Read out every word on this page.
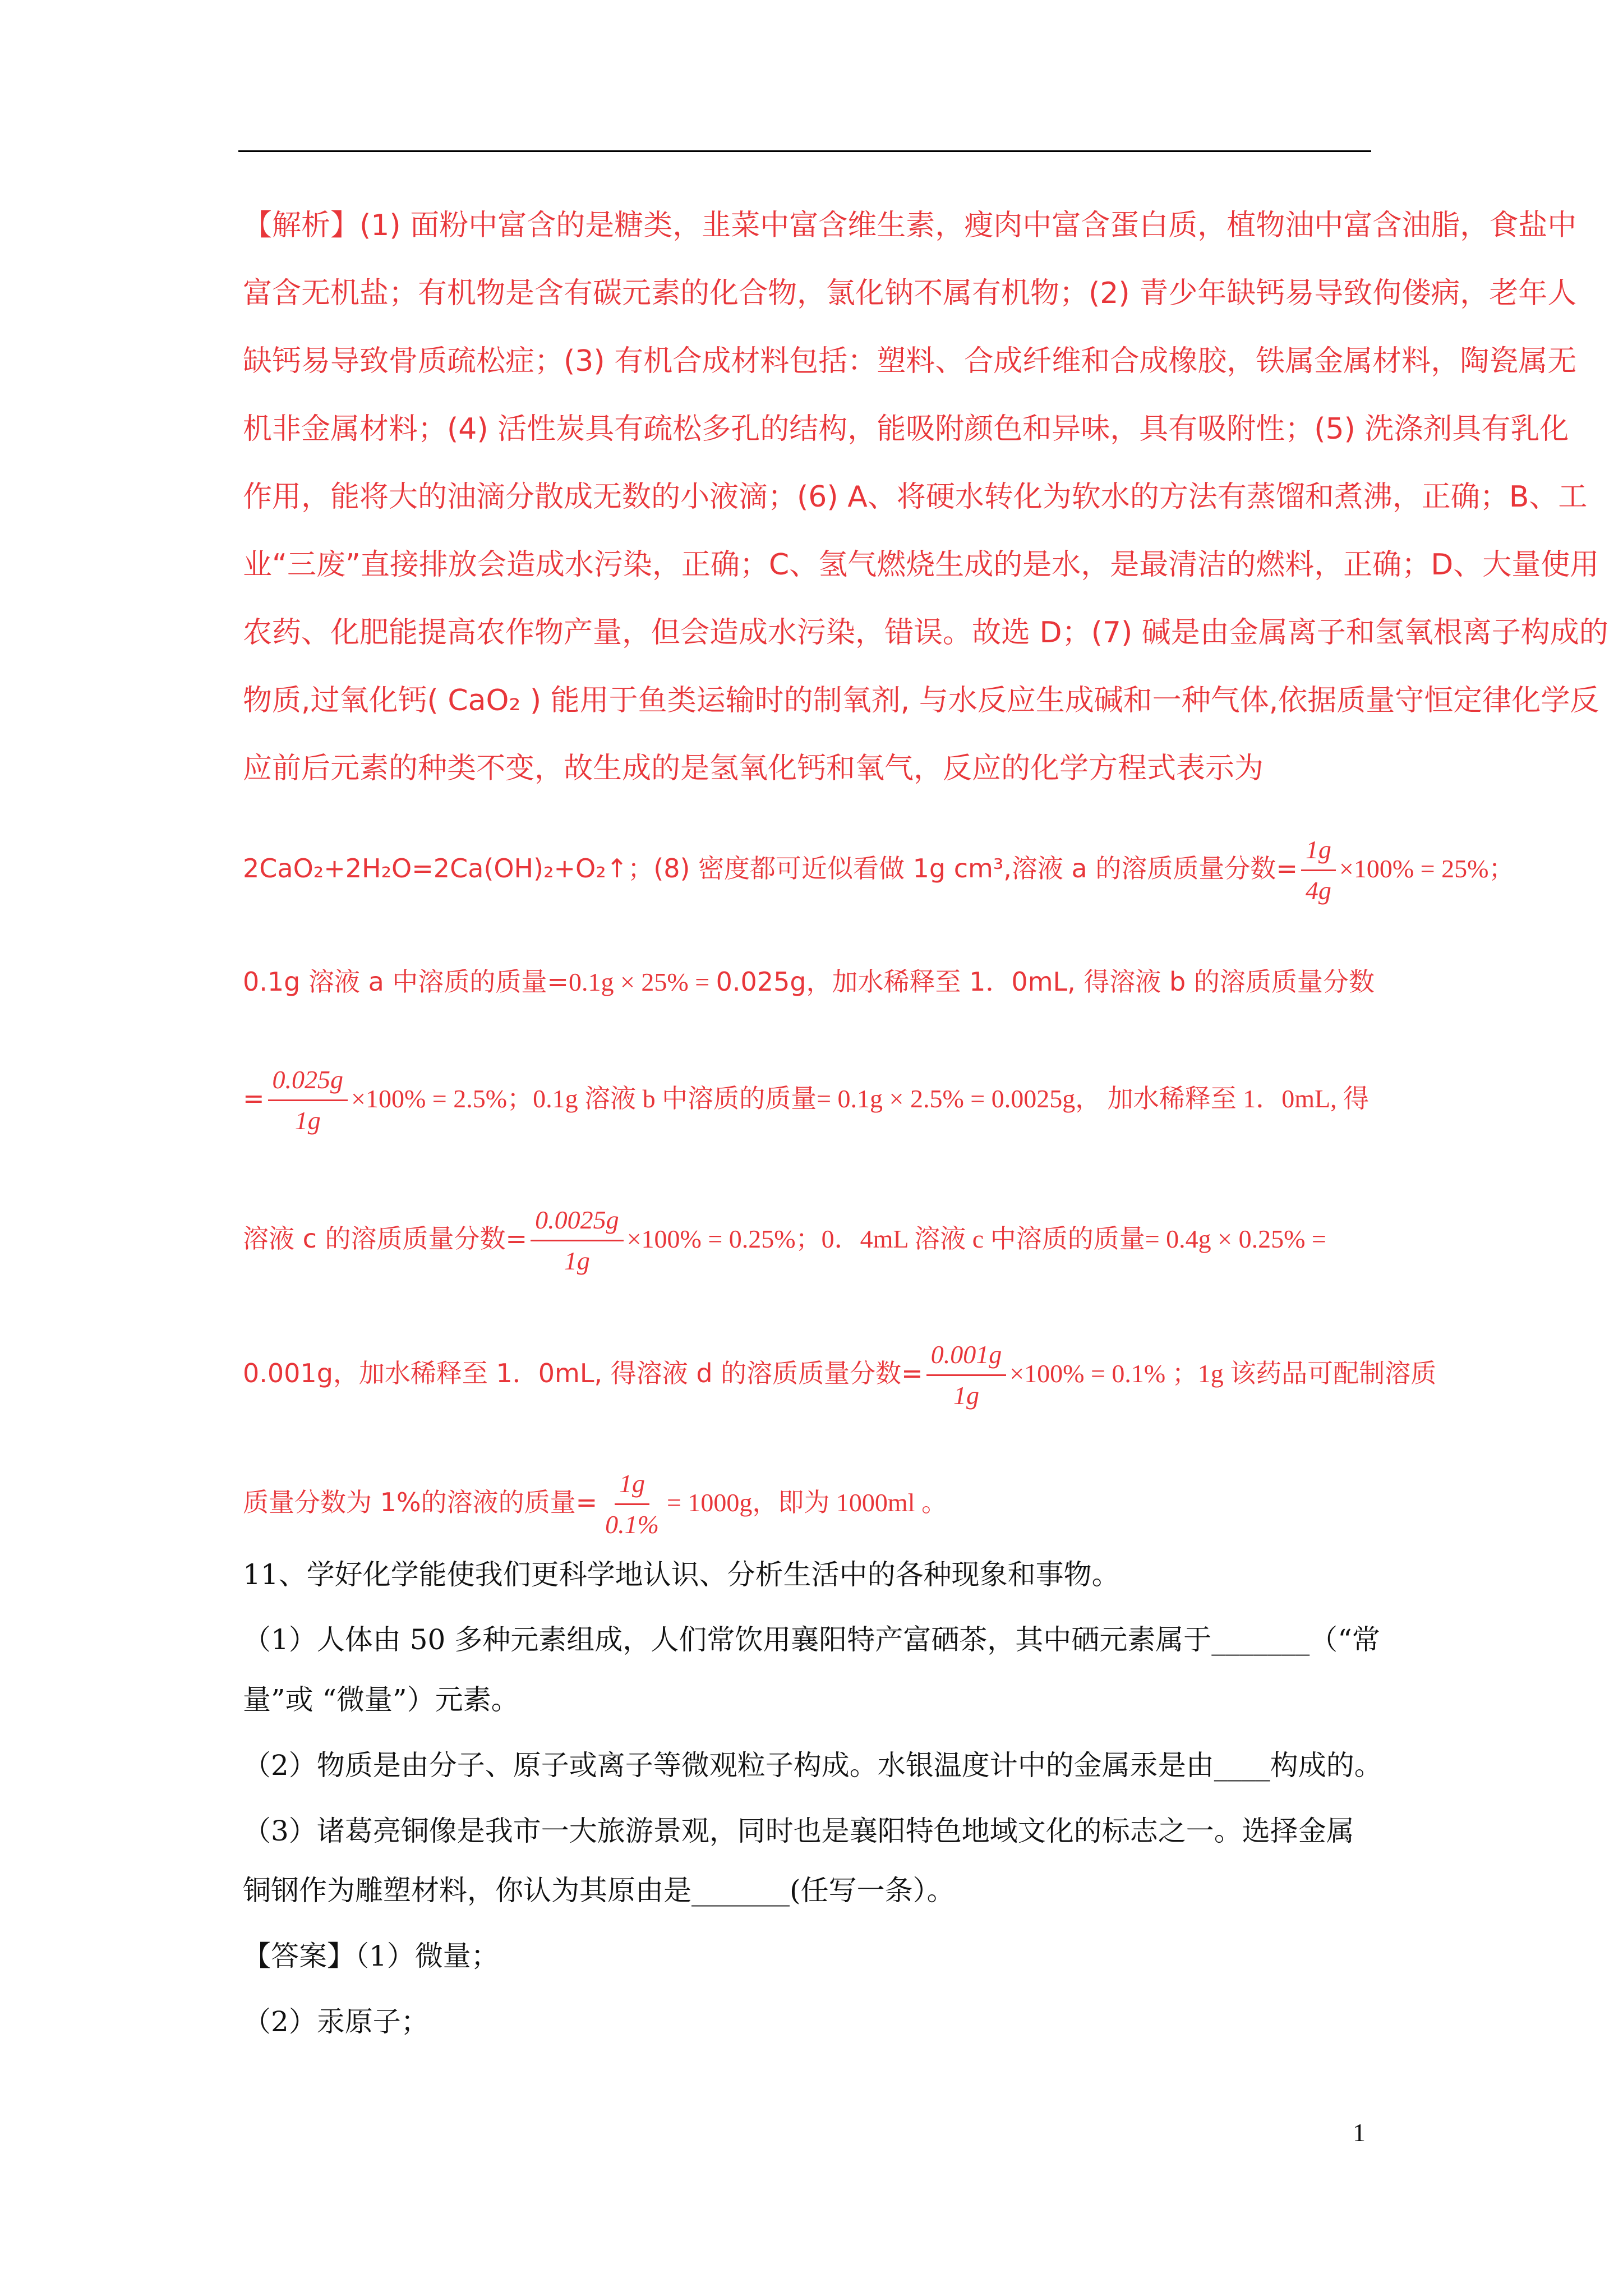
【解析】(1) 面粉中富含的是糖类，韭菜中富含维生素，瘦肉中富含蛋白质，植物油中富含油脂，食盐中
富含无机盐；有机物是含有碳元素的化合物，氯化钠不属有机物；(2) 青少年缺钙易导致佝偻病，老年人
缺钙易导致骨质疏松症；(3) 有机合成材料包括：塑料、合成纤维和合成橡胶，铁属金属材料，陶瓷属无
机非金属材料；(4) 活性炭具有疏松多孔的结构，能吸附颜色和异味，具有吸附性；(5) 洗涤剂具有乳化
作用，能将大的油滴分散成无数的小液滴；(6) A、将硬水转化为软水的方法有蒸馏和煮沸，正确；B、工
业“三废”直接排放会造成水污染，正确；C、氢气燃烧生成的是水，是最清洁的燃料，正确；D、大量使用
农药、化肥能提高农作物产量，但会造成水污染，错误。故选 D；(7) 碱是由金属离子和氢氧根离子构成的
物质,过氧化钙( CaO₂ ) 能用于鱼类运输时的制氧剂, 与水反应生成碱和一种气体,依据质量守恒定律化学反
应前后元素的种类不变，故生成的是氢氧化钙和氧气，反应的化学方程式表示为
2CaO₂+2H₂O=2Ca(OH)₂+O₂↑；(8) 密度都可近似看做 1g cm³,溶液 a 的溶质质量分数= $\frac{1g}{4g} \times 100\% = 25\%$；
0.1g 溶液 a 中溶质的质量=0.1g × 25% = 0.025g，加水稀释至 1．0mL, 得溶液 b 的溶质质量分数
= $\frac{0.025g}{1g} \times 100\% = 2.5\%$；0.1g 溶液 b 中溶质的质量= 0.1g × 2.5% = 0.0025g， 加水稀释至 1．0mL, 得
溶液 c 的溶质质量分数= $\frac{0.0025g}{1g} \times 100\% = 0.25\%$；0．4mL 溶液 c 中溶质的质量= 0.4g × 0.25% =
0.001g，加水稀释至 1．0mL, 得溶液 d 的溶质质量分数= $\frac{0.001g}{1g} \times 100\% = 0.1\%$ ；1g 该药品可配制溶质
质量分数为 1%的溶液的质量= $\frac{1g}{0.1\%} = 1000g$，即为 1000ml 。
11、学好化学能使我们更科学地认识、分析生活中的各种现象和事物。
（1）人体由 50 多种元素组成，人们常饮用襄阳特产富硒茶，其中硒元素属于_______（“常
量”或 “微量”）元素。
（2）物质是由分子、原子或离子等微观粒子构成。水银温度计中的金属汞是由____构成的。
（3）诸葛亮铜像是我市一大旅游景观，同时也是襄阳特色地域文化的标志之一。选择金属
铜钢作为雕塑材料，你认为其原由是_______(任写一条）。
【答案】（1）微量；
（2）汞原子；
1
